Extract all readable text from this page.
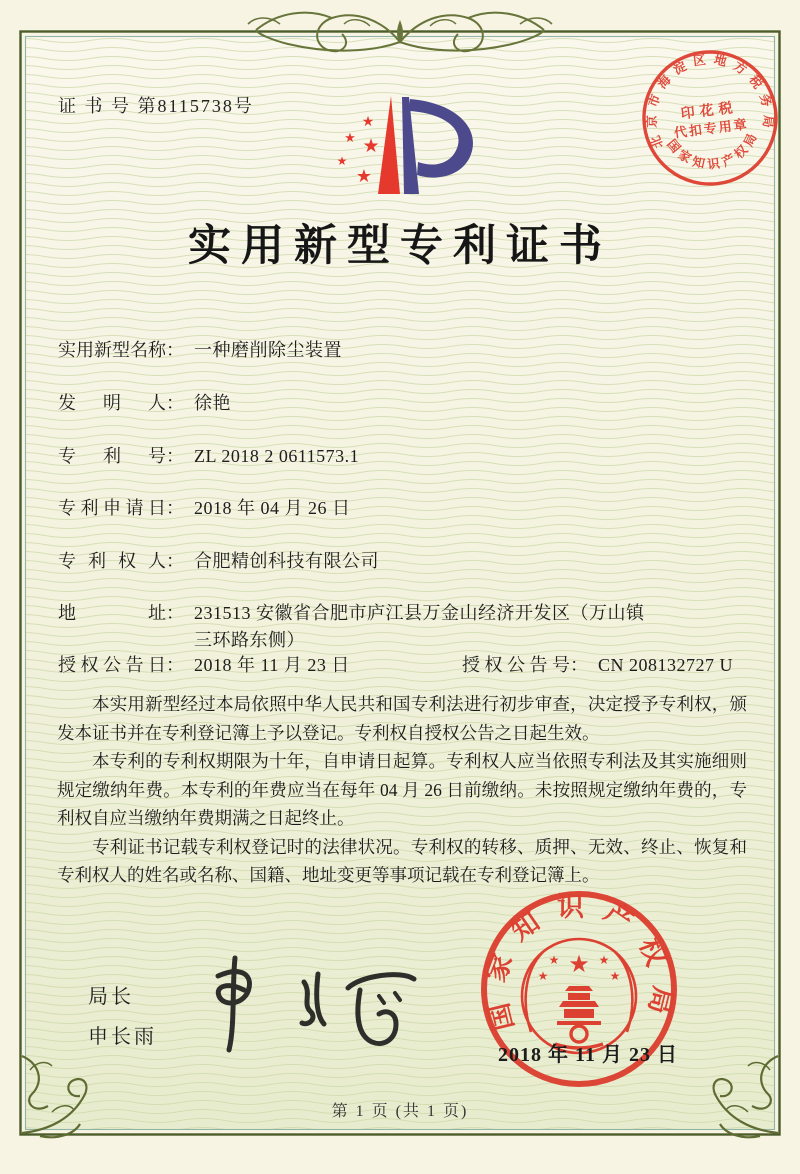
证 书 号 第8115738号
★
★ ★
★
★
北京市海淀区地方税务局
国家知识产权局
印花税
代扣专用章
实用新型专利证书
实用新型名称 ： 一种磨削除尘装置
发明人 ： 徐艳
专利号 ： ZL 2018 2 0611573.1
专利申请日 ： 2018 年 04 月 26 日
专利权人 ： 合肥精创科技有限公司
地址 ： 231513 安徽省合肥市庐江县万金山经济开发区（万山镇三环路东侧）
授权公告日 ： 2018 年 11 月 23 日	授权公告号 ： CN 208132727 U

本实用新型经过本局依照中华人民共和国专利法进行初步审查，决定授予专利权，颁发本证书并在专利登记簿上予以登记。专利权自授权公告之日起生效。

本专利的专利权期限为十年，自申请日起算。专利权人应当依照专利法及其实施细则规定缴纳年费。本专利的年费应当在每年 04 月 26 日前缴纳。未按照规定缴纳年费的，专利权自应当缴纳年费期满之日起终止。

专利证书记载专利权登记时的法律状况。专利权的转移、质押、无效、终止、恢复和专利权人的姓名或名称、国籍、地址变更等事项记载在专利登记簿上。

局长
申长雨
国家知识产权局
★
★
★
★
★
2018 年 11 月 23 日
第 1 页 (共 1 页)
